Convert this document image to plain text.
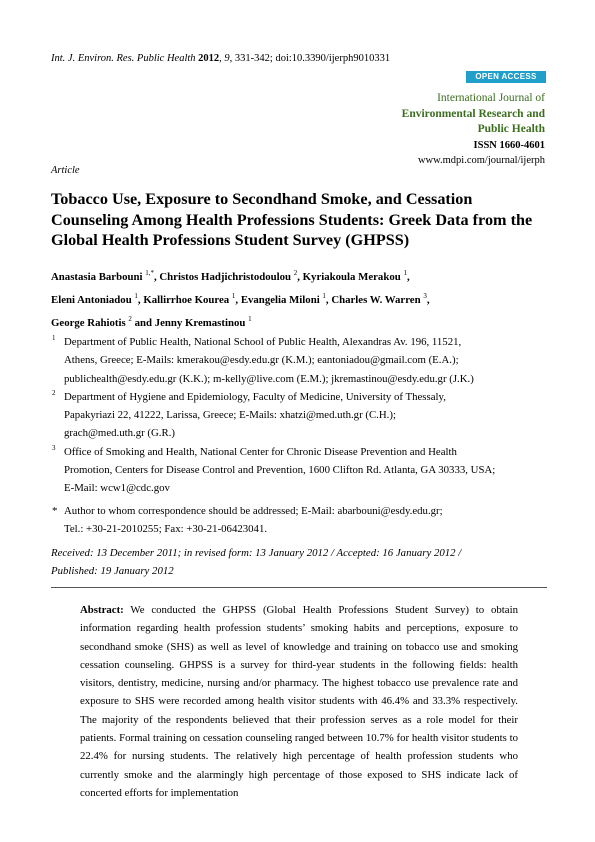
Int. J. Environ. Res. Public Health 2012, 9, 331-342; doi:10.3390/ijerph9010331
OPEN ACCESS
International Journal of
Environmental Research and
Public Health
ISSN 1660-4601
www.mdpi.com/journal/ijerph
Article
Tobacco Use, Exposure to Secondhand Smoke, and Cessation Counseling Among Health Professions Students: Greek Data from the Global Health Professions Student Survey (GHPSS)
Anastasia Barbouni $^{1,*}$, Christos Hadjichristodoulou $^2$, Kyriakoula Merakou $^1$,
Eleni Antoniadou $^1$, Kallirrhoe Kourea $^1$, Evangelia Miloni $^1$, Charles W. Warren $^3$,
George Rahiotis $^2$ and Jenny Kremastinou $^1$
1 Department of Public Health, National School of Public Health, Alexandras Av. 196, 11521,
Athens, Greece; E-Mails: kmerakou@esdy.edu.gr (K.M.); eantoniadou@gmail.com (E.A.);
publichealth@esdy.edu.gr (K.K.); m-kelly@live.com (E.M.); jkremastinou@esdy.edu.gr (J.K.)
2 Department of Hygiene and Epidemiology, Faculty of Medicine, University of Thessaly,
Papakyriazi 22, 41222, Larissa, Greece; E-Mails: xhatzi@med.uth.gr (C.H.);
grach@med.uth.gr (G.R.)
3 Office of Smoking and Health, National Center for Chronic Disease Prevention and Health
Promotion, Centers for Disease Control and Prevention, 1600 Clifton Rd. Atlanta, GA 30333, USA;
E-Mail: wcw1@cdc.gov
* Author to whom correspondence should be addressed; E-Mail: abarbouni@esdy.edu.gr;
Tel.: +30-21-2010255; Fax: +30-21-06423041.
Received: 13 December 2011; in revised form: 13 January 2012 / Accepted: 16 January 2012 /
Published: 19 January 2012
Abstract: We conducted the GHPSS (Global Health Professions Student Survey) to obtain information regarding health profession students’ smoking habits and perceptions, exposure to secondhand smoke (SHS) as well as level of knowledge and training on tobacco use and smoking cessation counseling. GHPSS is a survey for third-year students in the following fields: health visitors, dentistry, medicine, nursing and/or pharmacy. The highest tobacco use prevalence rate and exposure to SHS were recorded among health visitor students with 46.4% and 33.3% respectively. The majority of the respondents believed that their profession serves as a role model for their patients. Formal training on cessation counseling ranged between 10.7% for health visitor students to 22.4% for nursing students. The relatively high percentage of health profession students who currently smoke and the alarmingly high percentage of those exposed to SHS indicate lack of concerted efforts for implementation
